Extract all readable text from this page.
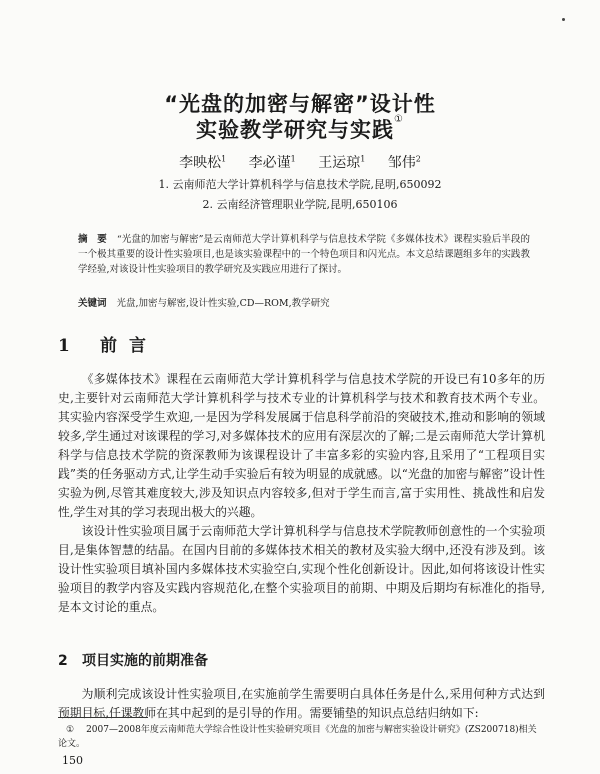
“光盘的加密与解密”设计性
实验教学研究与实践①
李映松$^1$ 李必谨$^1$ 王运琼$^1$ 邹伟$^2$
1. 云南师范大学计算机科学与信息技术学院,昆明,650092
2. 云南经济管理职业学院,昆明,650106
摘　要 “光盘的加密与解密”是云南师范大学计算机科学与信息技术学院《多媒体技术》课程实验后半段的一个极其重要的设计性实验项目,也是该实验课程中的一个特色项目和闪光点。本文总结课题组多年的实践教学经验,对该设计性实验项目的教学研究及实践应用进行了探讨。
关键词 光盘,加密与解密,设计性实验,CD—ROM,教学研究
1 前言

《多媒体技术》课程在云南师范大学计算机科学与信息技术学院的开设已有10多年的历史,主要针对云南师范大学计算机科学与技术专业的计算机科学与技术和教育技术两个专业。其实验内容深受学生欢迎,一是因为学科发展属于信息科学前沿的突破技术,推动和影响的领域较多,学生通过对该课程的学习,对多媒体技术的应用有深层次的了解;二是云南师范大学计算机科学与信息技术学院的资深教师为该课程设计了丰富多彩的实验内容,且采用了“工程项目实践”类的任务驱动方式,让学生动手实验后有较为明显的成就感。以“光盘的加密与解密”设计性实验为例,尽管其难度较大,涉及知识点内容较多,但对于学生而言,富于实用性、挑战性和启发性,学生对其的学习表现出极大的兴趣。

该设计性实验项目属于云南师范大学计算机科学与信息技术学院教师创意性的一个实验项目,是集体智慧的结晶。在国内目前的多媒体技术相关的教材及实验大纲中,还没有涉及到。该设计性实验项目填补国内多媒体技术实验空白,实现个性化创新设计。因此,如何将该设计性实验项目的教学内容及实践内容规范化,在整个实验项目的前期、中期及后期均有标准化的指导,是本文讨论的重点。

2 项目实施的前期准备

为顺利完成该设计性实验项目,在实施前学生需要明白具体任务是什么,采用何种方式达到预期目标,任课教师在其中起到的是引导的作用。需要铺垫的知识点总结归纳如下:

① 2007—2008年度云南师范大学综合性设计性实验研究项目《光盘的加密与解密实验设计研究》(ZS200718)相关论文。
150
